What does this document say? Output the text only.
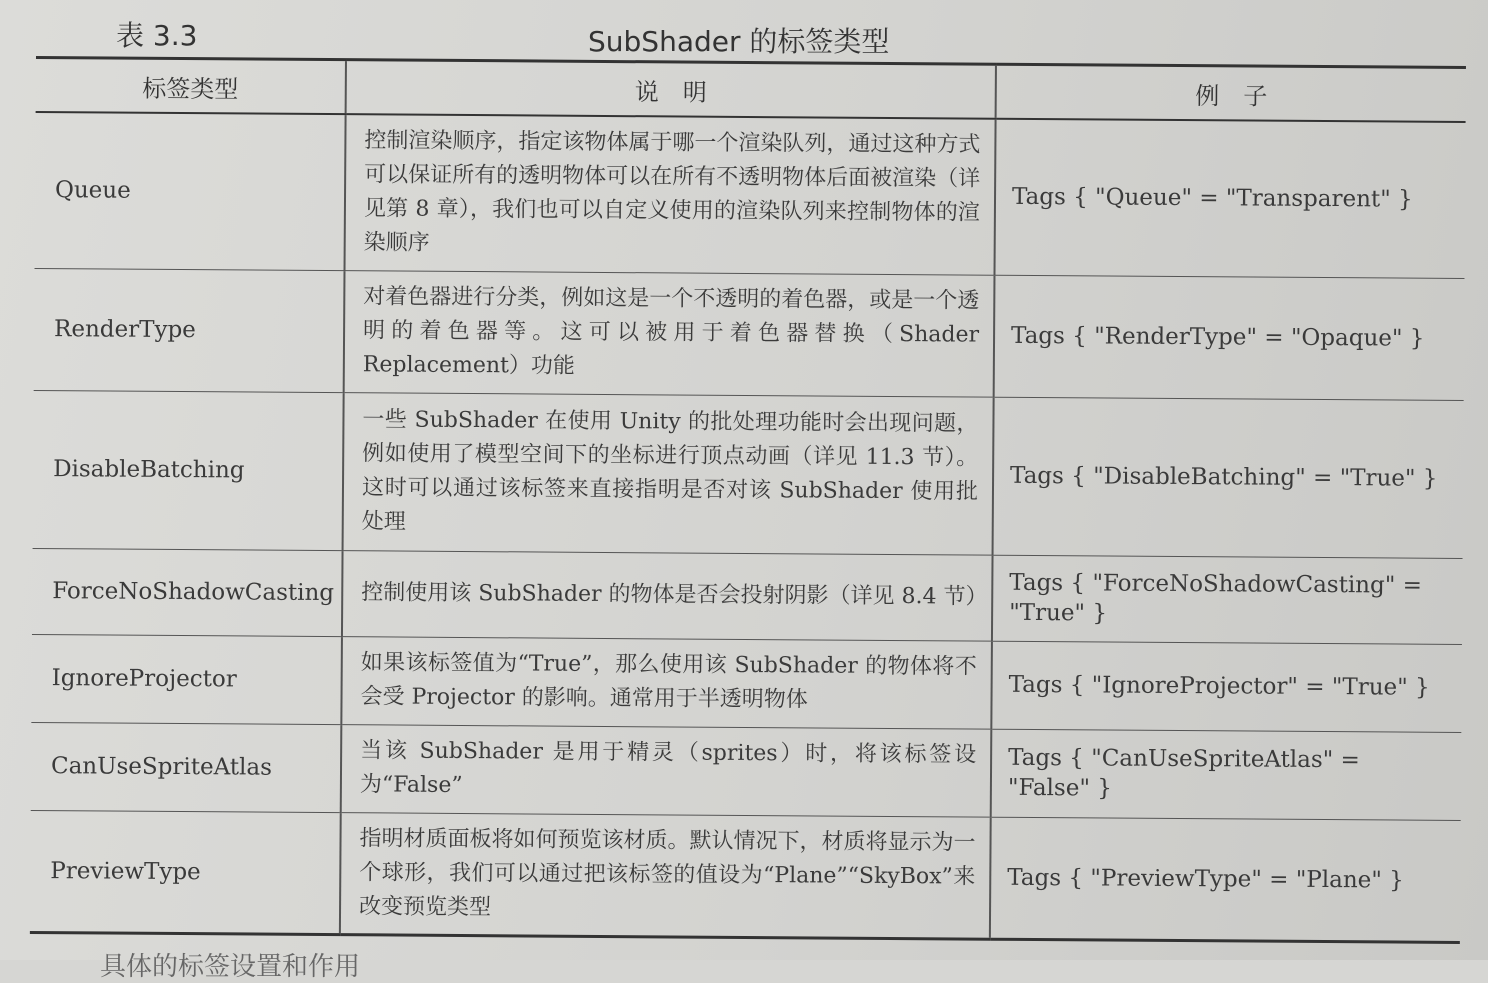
表 3.3	SubShader 的标签类型
标签类型	说　明	例　子
Queue	控制渲染顺序，指定该物体属于哪一个渲染队列，通过这种方式可以保证所有的透明物体可以在所有不透明物体后面被渲染（详见第 8 章），我们也可以自定义使用的渲染队列来控制物体的渲染顺序	Tags { "Queue" = "Transparent" }
RenderType	对着色器进行分类，例如这是一个不透明的着色器，或是一个透明的着色器等。这可以被用于着色器替换（Shader Replacement）功能	Tags { "RenderType" = "Opaque" }
DisableBatching	一些 SubShader 在使用 Unity 的批处理功能时会出现问题，例如使用了模型空间下的坐标进行顶点动画（详见 11.3 节）。这时可以通过该标签来直接指明是否对该 SubShader 使用批处理	Tags { "DisableBatching" = "True" }
ForceNoShadowCasting	控制使用该 SubShader 的物体是否会投射阴影（详见 8.4 节）	Tags { "ForceNoShadowCasting" = "True" }
IgnoreProjector	如果该标签值为“True”，那么使用该 SubShader 的物体将不会受 Projector 的影响。通常用于半透明物体	Tags { "IgnoreProjector" = "True" }
CanUseSpriteAtlas	当该 SubShader 是用于精灵（sprites）时，将该标签设为“False”	Tags { "CanUseSpriteAtlas" = "False" }
PreviewType	指明材质面板将如何预览该材质。默认情况下，材质将显示为一个球形，我们可以通过把该标签的值设为“Plane”“SkyBox”来改变预览类型	Tags { "PreviewType" = "Plane" }
具体的标签设置和作用
